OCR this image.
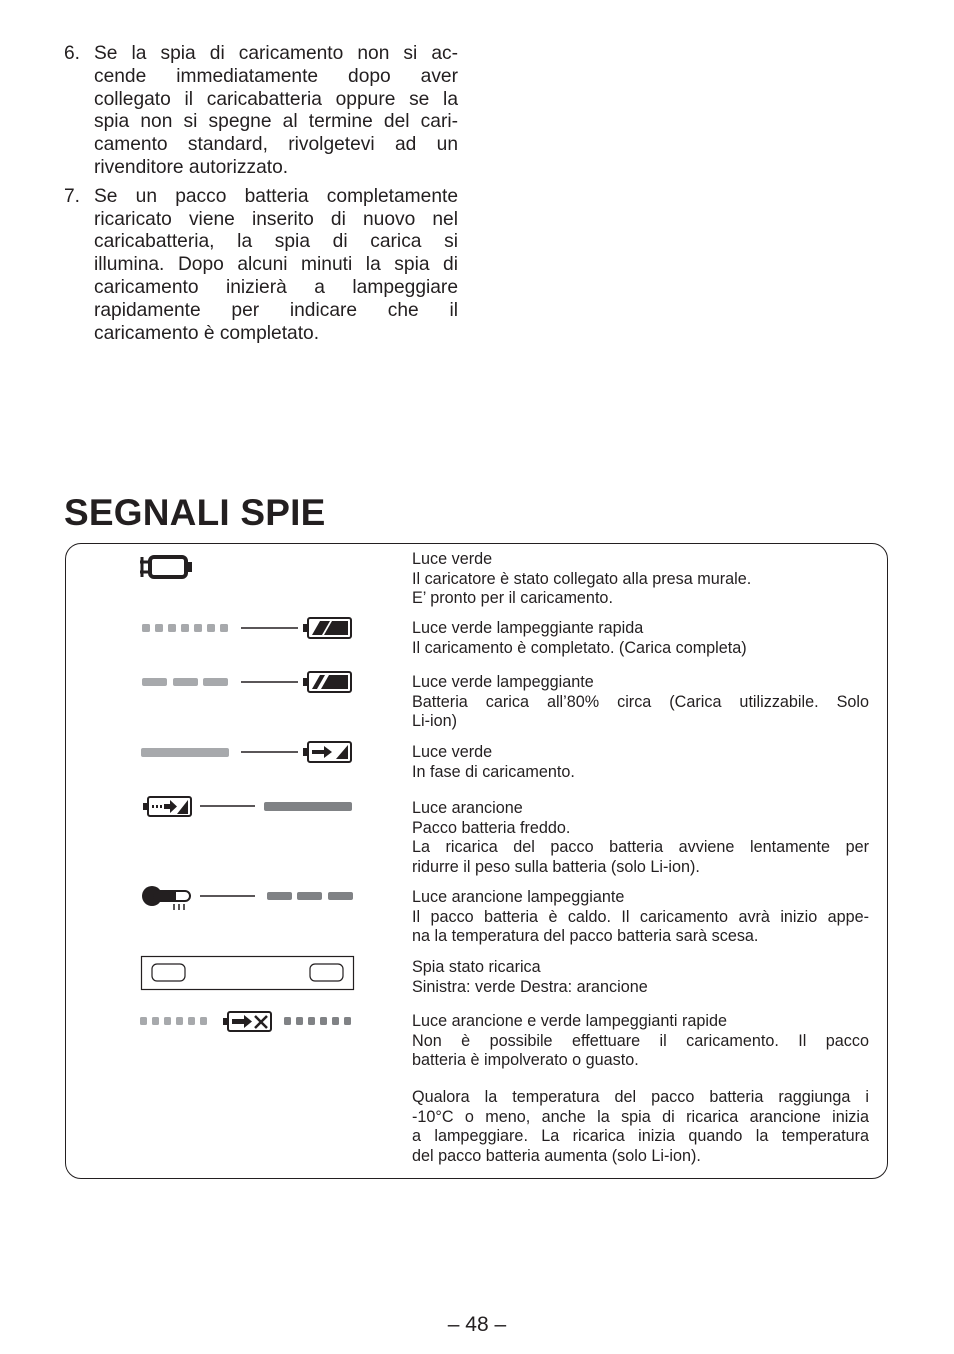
6. Se la spia di caricamento non si ac-
cende immediatamente dopo aver
collegato il caricabatteria oppure se la
spia non si spegne al termine del cari-
camento standard, rivolgetevi ad un
rivenditore autorizzato.
7. Se un pacco batteria completamente
ricaricato viene inserito di nuovo nel
caricabatteria, la spia di carica si
illumina. Dopo alcuni minuti la spia di
caricamento inizierà a lampeggiare
rapidamente per indicare che il
caricamento è completato.
SEGNALI SPIE
Luce verde
Il caricatore è stato collegato alla presa murale.
E’ pronto per il caricamento.
Luce verde lampeggiante rapida
Il caricamento è completato. (Carica completa)
Luce verde lampeggiante
Batteria carica all’80% circa (Carica utilizzabile. Solo
Li-ion)
Luce verde
In fase di caricamento.
Luce arancione
Pacco batteria freddo.
La ricarica del pacco batteria avviene lentamente per
ridurre il peso sulla batteria (solo Li-ion).
Luce arancione lampeggiante
Il pacco batteria è caldo. Il caricamento avrà inizio appe-
na la temperatura del pacco batteria sarà scesa.
Spia stato ricarica
Sinistra: verde Destra: arancione
Luce arancione e verde lampeggianti rapide
Non è possibile effettuare il caricamento. Il pacco
batteria è impolverato o guasto.
Qualora la temperatura del pacco batteria raggiunga i
-10°C o meno, anche la spia di ricarica arancione inizia
a lampeggiare. La ricarica inizia quando la temperatura
del pacco batteria aumenta (solo Li-ion).
– 48 –
